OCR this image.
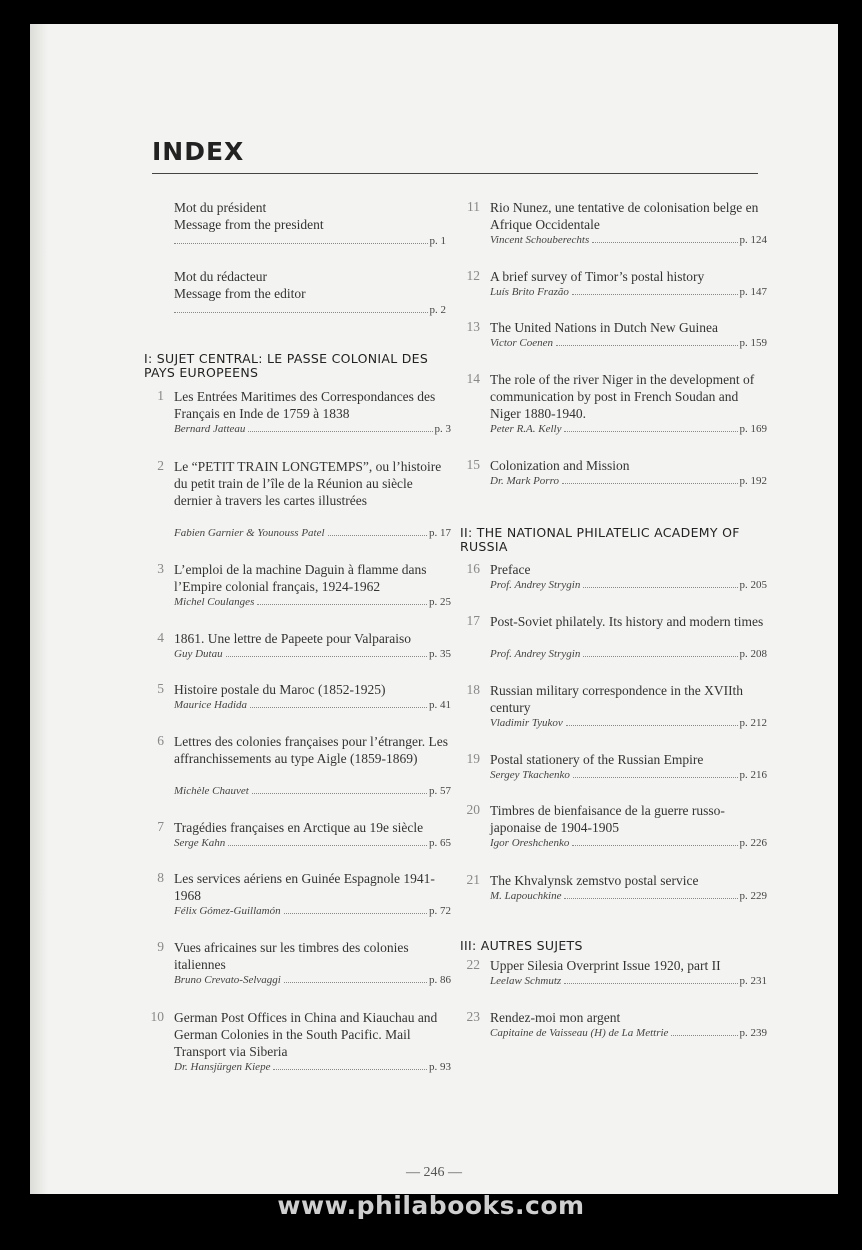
INDEX
Mot du président
Message from the president
p. 1
Mot du rédacteur
Message from the editor
p. 2
I: SUJET CENTRAL: LE PASSE COLONIAL DES PAYS EUROPEENS
II: THE NATIONAL PHILATELIC ACADEMY OF RUSSIA
III: AUTRES SUJETS
1 Les Entrées Maritimes des Correspondances des Français en Inde de 1759 à 1838
Bernard Jatteau	p. 3
2 Le “PETIT TRAIN LONGTEMPS”, ou l’histoire du petit train de l’île de la Réunion au siècle dernier à travers les cartes illustrées
Fabien Garnier & Younouss Patel	p. 17
3 L’emploi de la machine Daguin à flamme dans l’Empire colonial français, 1924-1962
Michel Coulanges	p. 25
4 1861. Une lettre de Papeete pour Valparaiso
Guy Dutau	p. 35
5 Histoire postale du Maroc (1852-1925)
Maurice Hadida	p. 41
6 Lettres des colonies françaises pour l’étranger. Les affranchissements au type Aigle (1859-1869)
Michèle Chauvet	p. 57
7 Tragédies françaises en Arctique au 19e siècle
Serge Kahn	p. 65
8 Les services aériens en Guinée Espagnole 1941-1968
Félix Gómez-Guillamón	p. 72
9 Vues africaines sur les timbres des colonies italiennes
Bruno Crevato-Selvaggi	p. 86
10 German Post Offices in China and Kiauchau and German Colonies in the South Pacific. Mail Transport via Siberia
Dr. Hansjürgen Kiepe	p. 93
11 Rio Nunez, une tentative de colonisation belge en Afrique Occidentale
Vincent Schouberechts	p. 124
12 A brief survey of Timor’s postal history
Luís Brito Frazão	p. 147
13 The United Nations in Dutch New Guinea
Victor Coenen	p. 159
14 The role of the river Niger in the development of communication by post in French Soudan and Niger 1880-1940.
Peter R.A. Kelly	p. 169
15 Colonization and Mission
Dr. Mark Porro	p. 192
16 Preface
Prof. Andrey Strygin	p. 205
17 Post-Soviet philately. Its history and modern times
Prof. Andrey Strygin	p. 208
18 Russian military correspondence in the XVIIth century
Vladimir Tyukov	p. 212
19 Postal stationery of the Russian Empire
Sergey Tkachenko	p. 216
20 Timbres de bienfaisance de la guerre russo-japonaise de 1904-1905
Igor Oreshchenko	p. 226
21 The Khvalynsk zemstvo postal service
M. Lapouchkine	p. 229
22 Upper Silesia Overprint Issue 1920, part II
Leelaw Schmutz	p. 231
23 Rendez-moi mon argent
Capitaine de Vaisseau (H) de La Mettrie	p. 239
— 246 —
www.philabooks.com
